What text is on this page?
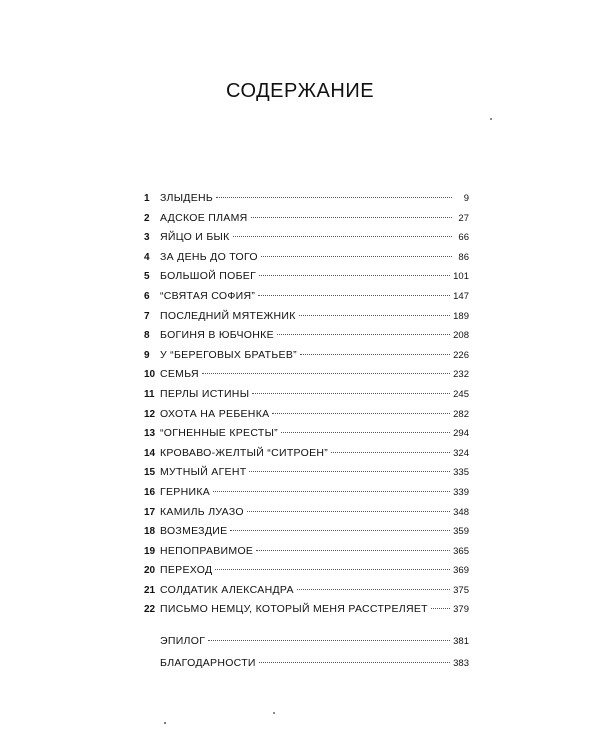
СОДЕРЖАНИЕ
1 ЗЛЫДЕНЬ	9
2 АДСКОЕ ПЛАМЯ	27
3 ЯЙЦО И БЫК	66
4 ЗА ДЕНЬ ДО ТОГО	86
5 БОЛЬШОЙ ПОБЕГ	101
6 “СВЯТАЯ СОФИЯ”	147
7 ПОСЛЕДНИЙ МЯТЕЖНИК	189
8 БОГИНЯ В ЮБЧОНКЕ	208
9 У “БЕРЕГОВЫХ БРАТЬЕВ”	226
10 СЕМЬЯ	232
11 ПЕРЛЫ ИСТИНЫ	245
12 ОХОТА НА РЕБЕНКА	282
13 “ОГНЕННЫЕ КРЕСТЫ”	294
14 КРОВАВО-ЖЕЛТЫЙ “СИТРОЕН”	324
15 МУТНЫЙ АГЕНТ	335
16 ГЕРНИКА	339
17 КАМИЛЬ ЛУАЗО	348
18 ВОЗМЕЗДИЕ	359
19 НЕПОПРАВИМОЕ	365
20 ПЕРЕХОД	369
21 СОЛДАТИК АЛЕКСАНДРА	375
22 ПИСЬМО НЕМЦУ, КОТОРЫЙ МЕНЯ РАССТРЕЛЯЕТ	379
ЭПИЛОГ	381
БЛАГОДАРНОСТИ	383
